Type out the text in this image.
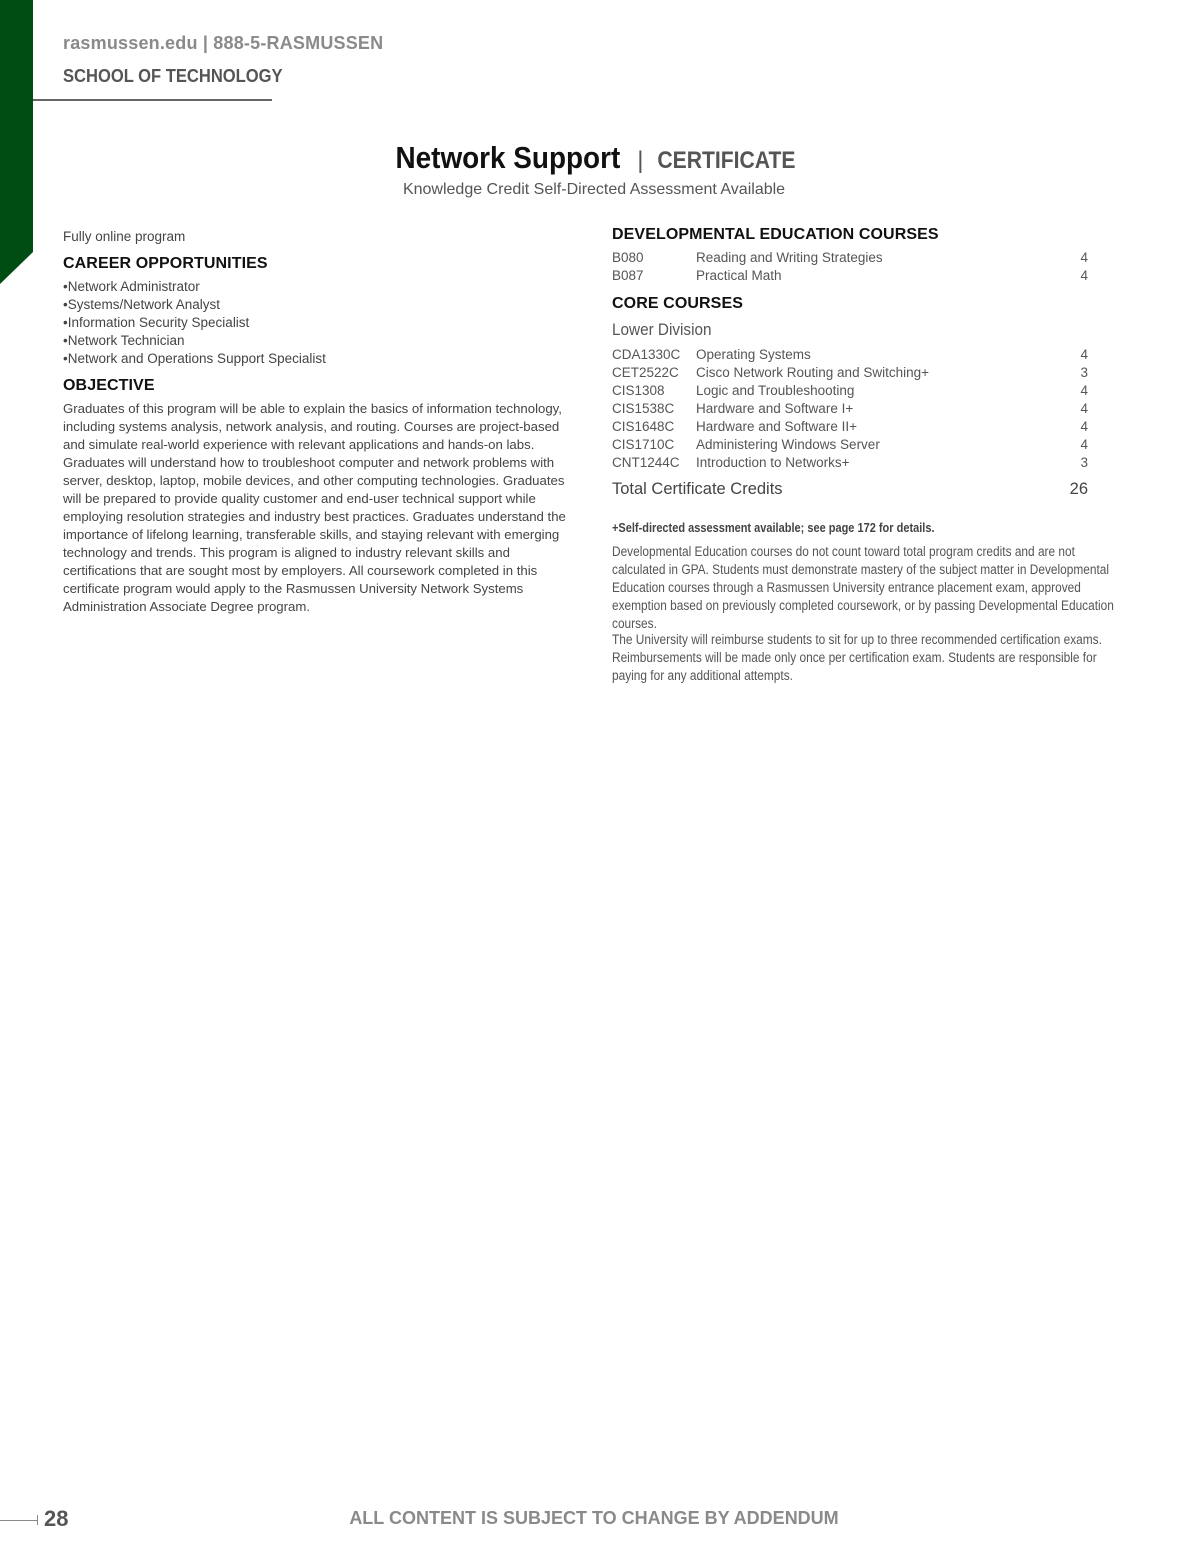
rasmussen.edu | 888-5-RASMUSSEN
SCHOOL OF TECHNOLOGY
Network Support | CERTIFICATE
Knowledge Credit Self-Directed Assessment Available
Fully online program
CAREER OPPORTUNITIES
• Network Administrator
• Systems/Network Analyst
• Information Security Specialist
• Network Technician
• Network and Operations Support Specialist
OBJECTIVE

Graduates of this program will be able to explain the basics of information technology, including systems analysis, network analysis, and routing. Courses are project-based and simulate real-world experience with relevant applications and hands-on labs. Graduates will understand how to troubleshoot computer and network problems with server, desktop, laptop, mobile devices, and other computing technologies. Graduates will be prepared to provide quality customer and end-user technical support while employing resolution strategies and industry best practices. Graduates understand the importance of lifelong learning, transferable skills, and staying relevant with emerging technology and trends. This program is aligned to industry relevant skills and certifications that are sought most by employers. All coursework completed in this certificate program would apply to the Rasmussen University Network Systems Administration Associate Degree program.

DEVELOPMENTAL EDUCATION COURSES
B080	Reading and Writing Strategies	4
B087	Practical Math	4
CORE COURSES
Lower Division
CDA1330C	Operating Systems	4
CET2522C	Cisco Network Routing and Switching+	3
CIS1308	Logic and Troubleshooting	4
CIS1538C	Hardware and Software I+	4
CIS1648C	Hardware and Software II+	4
CIS1710C	Administering Windows Server	4
CNT1244C	Introduction to Networks+	3
Total Certificate Credits	26
+Self-directed assessment available; see page 172 for details.
Developmental Education courses do not count toward total program credits and are not calculated in GPA. Students must demonstrate mastery of the subject matter in Developmental Education courses through a Rasmussen University entrance placement exam, approved exemption based on previously completed coursework, or by passing Developmental Education courses.
The University will reimburse students to sit for up to three recommended certification exams. Reimbursements will be made only once per certification exam. Students are responsible for paying for any additional attempts.
28	ALL CONTENT IS SUBJECT TO CHANGE BY ADDENDUM
